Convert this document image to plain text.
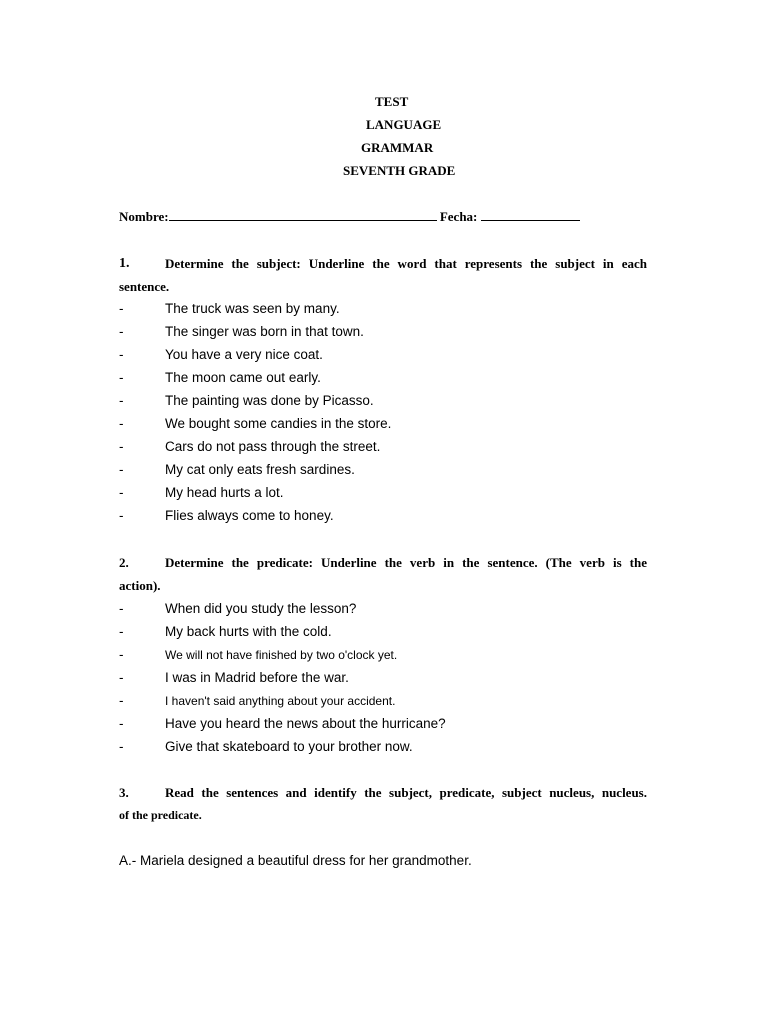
TEST
LANGUAGE
GRAMMAR
SEVENTH GRADE
Nombre:	Fecha:
1.	Determine the subject: Underline the word that represents the subject in each
sentence.
-	The truck was seen by many.
-	The singer was born in that town.
-	You have a very nice coat.
-	The moon came out early.
-	The painting was done by Picasso.
-	We bought some candies in the store.
-	Cars do not pass through the street.
-	My cat only eats fresh sardines.
-	My head hurts a lot.
-	Flies always come to honey.
2.	Determine the predicate: Underline the verb in the sentence. (The verb is the
action).
-	When did you study the lesson?
-	My back hurts with the cold.
-	We will not have finished by two o'clock yet.
-	I was in Madrid before the war.
-	I haven't said anything about your accident.
-	Have you heard the news about the hurricane?
-	Give that skateboard to your brother now.
3.	Read the sentences and identify the subject, predicate, subject nucleus, nucleus.
of the predicate.
A.- Mariela designed a beautiful dress for her grandmother.
